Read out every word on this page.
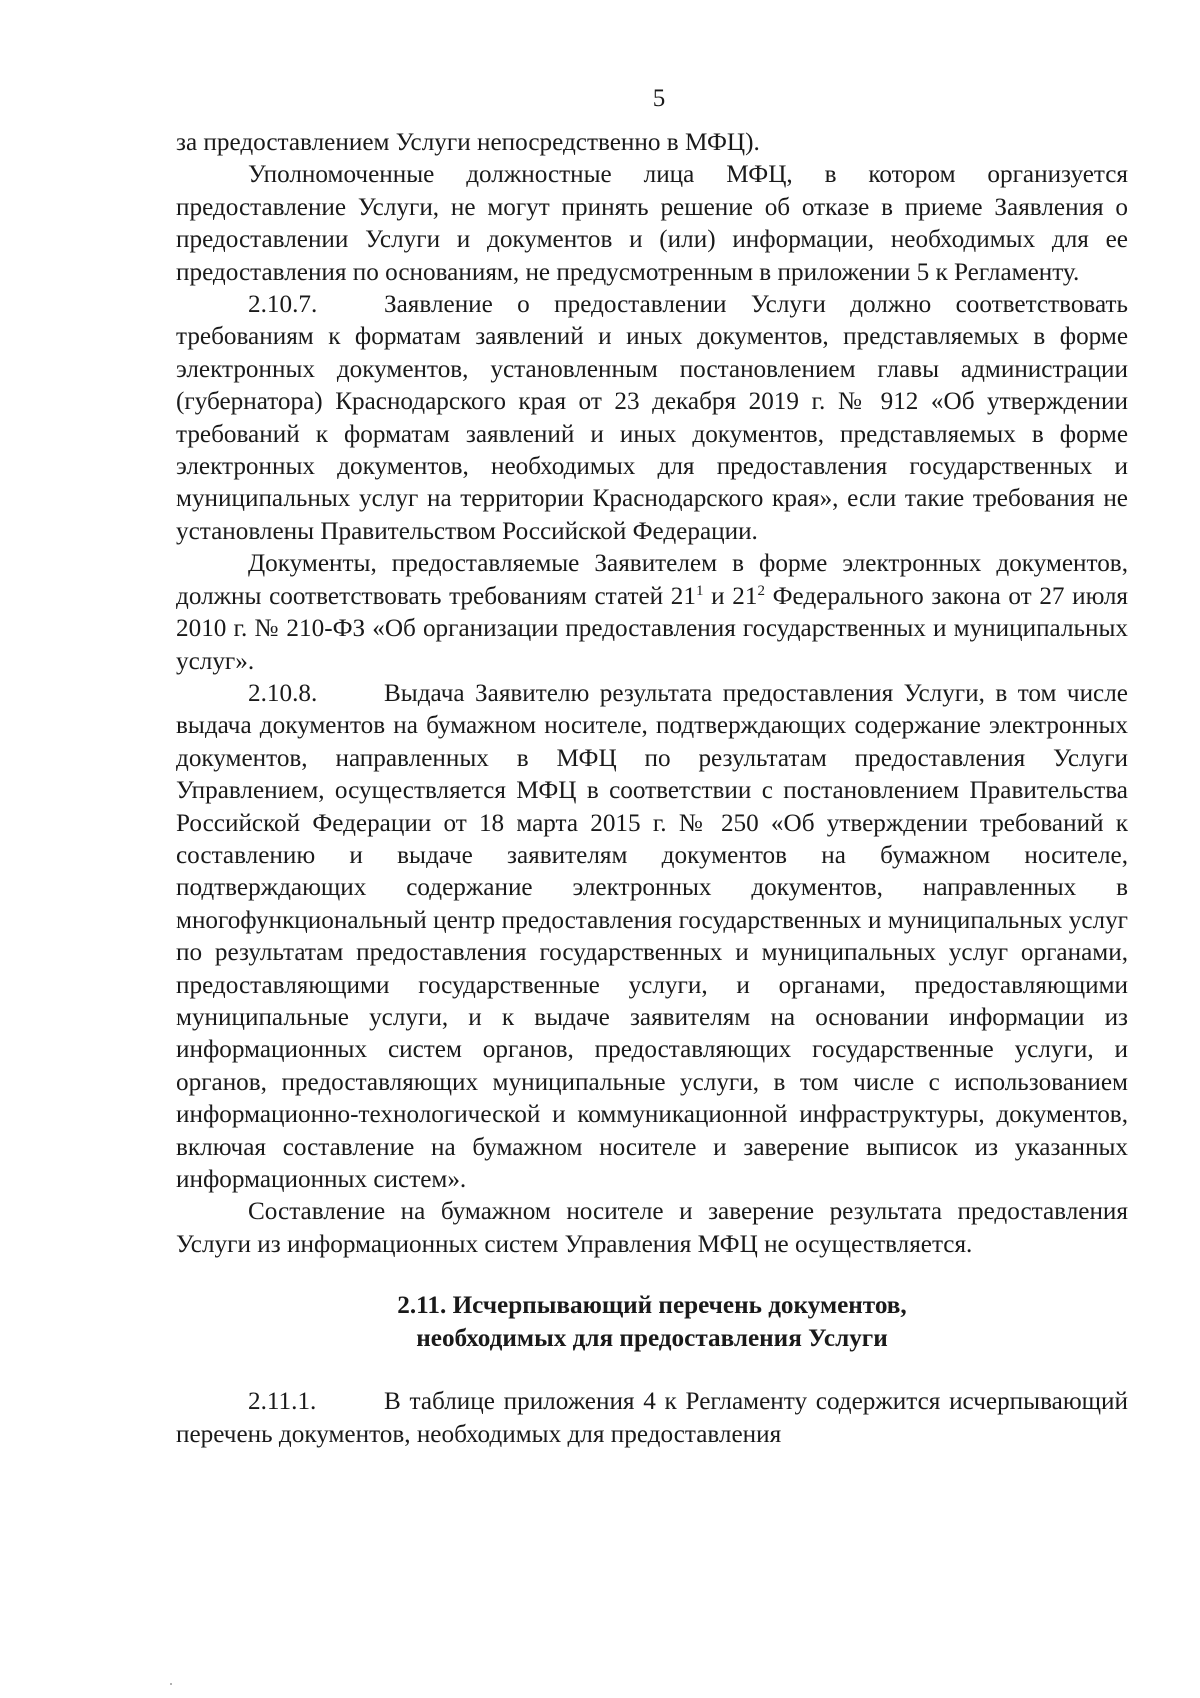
5

за предоставлением Услуги непосредственно в МФЦ).

Уполномоченные должностные лица МФЦ, в котором организуется предоставление Услуги, не могут принять решение об отказе в приеме Заявления о предоставлении Услуги и документов и (или) информации, необходимых для ее предоставления по основаниям, не предусмотренным в приложении 5 к Регламенту.

2.10.7.	Заявление о предоставлении Услуги должно соответствовать требованиям к форматам заявлений и иных документов, представляемых в форме электронных документов, установленным постановлением главы администрации (губернатора) Краснодарского края от 23 декабря 2019 г. № 912 «Об утверждении требований к форматам заявлений и иных документов, представляемых в форме электронных документов, необходимых для предоставления государственных и муниципальных услуг на территории Краснодарского края», если такие требования не установлены Правительством Российской Федерации.

Документы, предоставляемые Заявителем в форме электронных документов, должны соответствовать требованиям статей $21^1$ и $21^2$ Федерального закона от 27 июля 2010 г. № 210-ФЗ «Об организации предоставления государственных и муниципальных услуг».

2.10.8.	Выдача Заявителю результата предоставления Услуги, в том числе выдача документов на бумажном носителе, подтверждающих содержание электронных документов, направленных в МФЦ по результатам предоставления Услуги Управлением, осуществляется МФЦ в соответствии с постановлением Правительства Российской Федерации от 18 марта 2015 г. № 250 «Об утверждении требований к составлению и выдаче заявителям документов на бумажном носителе, подтверждающих содержание электронных документов, направленных в многофункциональный центр предоставления государственных и муниципальных услуг по результатам предоставления государственных и муниципальных услуг органами, предоставляющими государственные услуги, и органами, предоставляющими муниципальные услуги, и к выдаче заявителям на основании информации из информационных систем органов, предоставляющих государственные услуги, и органов, предоставляющих муниципальные услуги, в том числе с использованием информационно-технологической и коммуникационной инфраструктуры, документов, включая составление на бумажном носителе и заверение выписок из указанных информационных систем».

Составление на бумажном носителе и заверение результата предоставления Услуги из информационных систем Управления МФЦ не осуществляется.

2.11. Исчерпывающий перечень документов,
необходимых для предоставления Услуги

2.11.1.	В таблице приложения 4 к Регламенту содержится исчерпывающий перечень документов, необходимых для предоставления
